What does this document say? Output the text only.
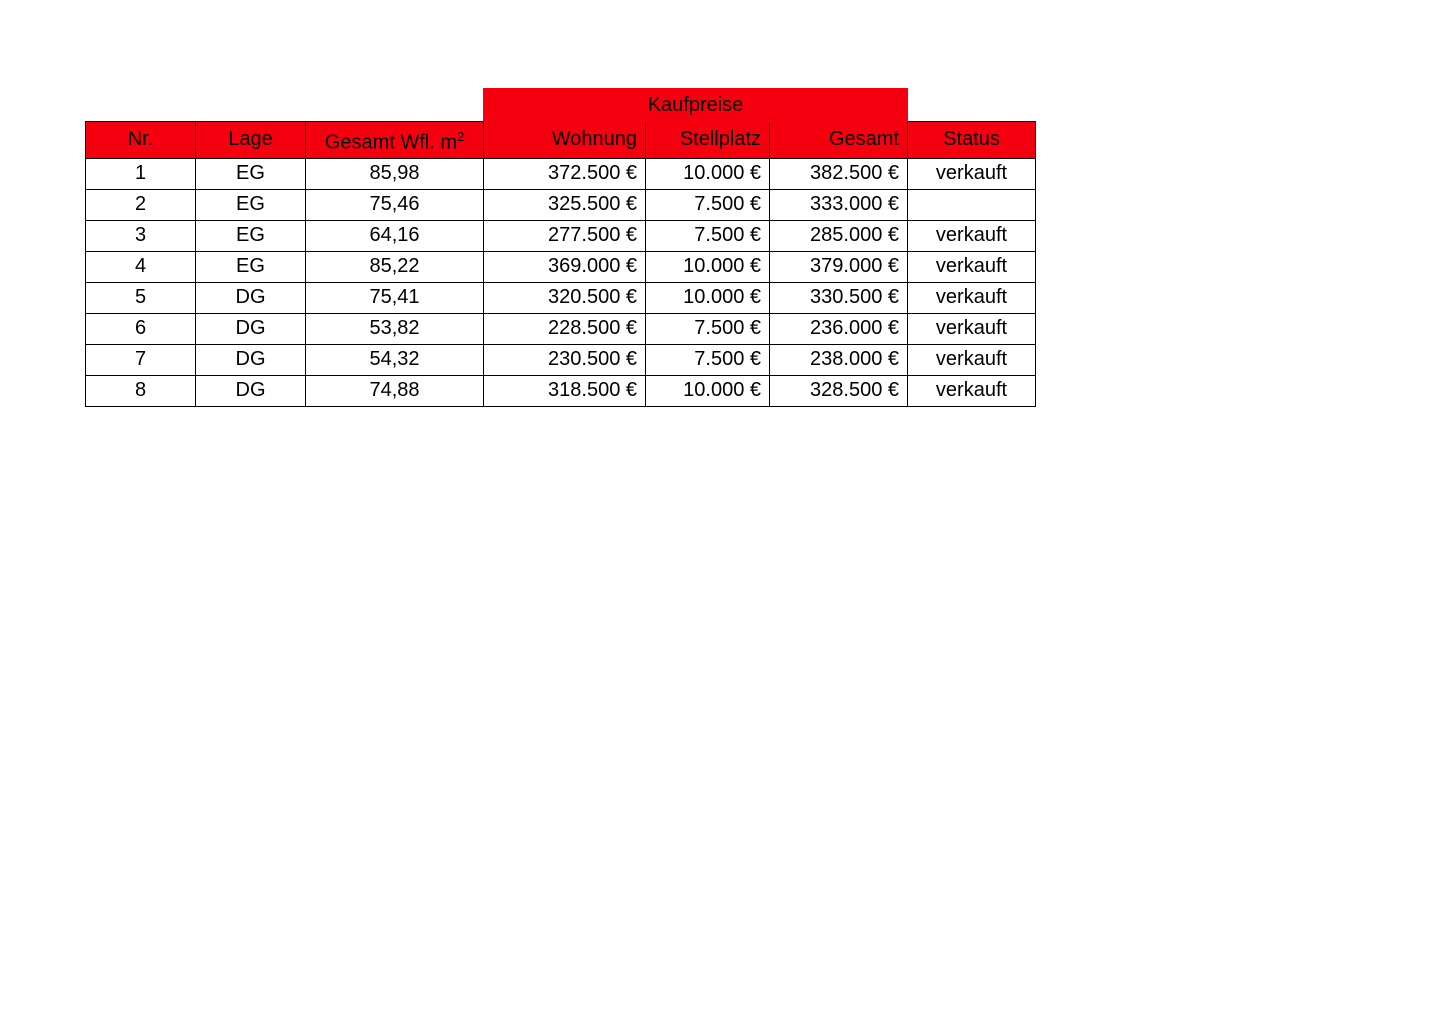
			Kaufpreise			
Nr.	Lage	Gesamt Wfl. $m^2$	Wohnung	Stellplatz	Gesamt	Status
1	EG	85,98	372.500 €	10.000 €	382.500 €	verkauft
2	EG	75,46	325.500 €	7.500 €	333.000 €	
3	EG	64,16	277.500 €	7.500 €	285.000 €	verkauft
4	EG	85,22	369.000 €	10.000 €	379.000 €	verkauft
5	DG	75,41	320.500 €	10.000 €	330.500 €	verkauft
6	DG	53,82	228.500 €	7.500 €	236.000 €	verkauft
7	DG	54,32	230.500 €	7.500 €	238.000 €	verkauft
8	DG	74,88	318.500 €	10.000 €	328.500 €	verkauft
